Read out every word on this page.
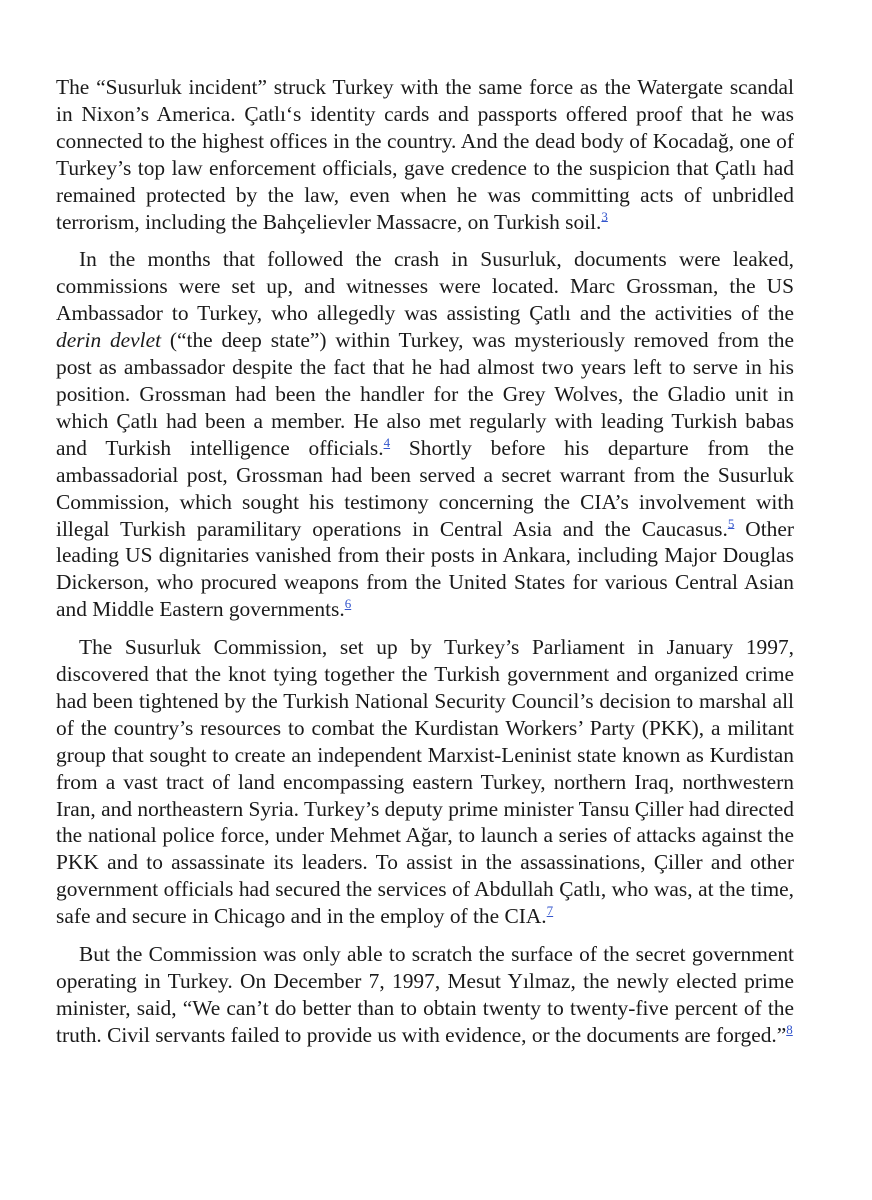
The “Susurluk incident” struck Turkey with the same force as the Watergate scandal in Nixon’s America. Çatlı‘s identity cards and passports offered proof that he was connected to the highest offices in the country. And the dead body of Kocadağ, one of Turkey’s top law enforcement officials, gave credence to the suspicion that Çatlı had remained protected by the law, even when he was committing acts of unbridled terrorism, including the Bahçelievler Massacre, on Turkish soil.$^3$

In the months that followed the crash in Susurluk, documents were leaked, commissions were set up, and witnesses were located. Marc Grossman, the US Ambassador to Turkey, who allegedly was assisting Çatlı and the activities of the derin devlet (“the deep state”) within Turkey, was mysteriously removed from the post as ambassador despite the fact that he had almost two years left to serve in his position. Grossman had been the handler for the Grey Wolves, the Gladio unit in which Çatlı had been a member. He also met regularly with leading Turkish babas and Turkish intelligence officials.$^4$ Shortly before his departure from the ambassadorial post, Grossman had been served a secret warrant from the Susurluk Commission, which sought his testimony concerning the CIA’s involvement with illegal Turkish paramilitary operations in Central Asia and the Caucasus.$^5$ Other leading US dignitaries vanished from their posts in Ankara, including Major Douglas Dickerson, who procured weapons from the United States for various Central Asian and Middle Eastern governments.$^6$

The Susurluk Commission, set up by Turkey’s Parliament in January 1997, discovered that the knot tying together the Turkish government and organized crime had been tightened by the Turkish National Security Council’s decision to marshal all of the country’s resources to combat the Kurdistan Workers’ Party (PKK), a militant group that sought to create an independent Marxist-Leninist state known as Kurdistan from a vast tract of land encompassing eastern Turkey, northern Iraq, northwestern Iran, and northeastern Syria. Turkey’s deputy prime minister Tansu Çiller had directed the national police force, under Mehmet Ağar, to launch a series of attacks against the PKK and to assassinate its leaders. To assist in the assassinations, Çiller and other government officials had secured the services of Abdullah Çatlı, who was, at the time, safe and secure in Chicago and in the employ of the CIA.$^7$

But the Commission was only able to scratch the surface of the secret government operating in Turkey. On December 7, 1997, Mesut Yılmaz, the newly elected prime minister, said, “We can’t do better than to obtain twenty to twenty-five percent of the truth. Civil servants failed to provide us with evidence, or the documents are forged.”$^8$
